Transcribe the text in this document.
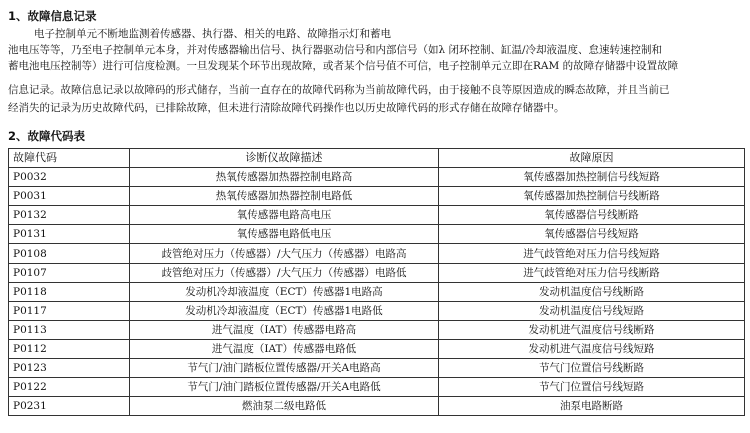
1、故障信息记录
电子控制单元不断地监测着传感器、执行器、相关的电路、故障指示灯和蓄电
池电压等等，乃至电子控制单元本身，并对传感器输出信号、执行器驱动信号和内部信号（如λ 闭环控制、缸温/冷却液温度、怠速转速控制和
蓄电池电压控制等）进行可信度检测。一旦发现某个环节出现故障，或者某个信号值不可信，电子控制单元立即在RAM 的故障存储器中设置故障
信息记录。故障信息记录以故障码的形式储存，当前一直存在的故障代码称为当前故障代码，由于接触不良等原因造成的瞬态故障，并且当前已
经消失的记录为历史故障代码，已排除故障，但未进行清除故障代码操作也以历史故障代码的形式存储在故障存储器中。
2、故障代码表
故障代码	诊断仪故障描述	故障原因
P0032	热氧传感器加热器控制电路高	氧传感器加热控制信号线短路
P0031	热氧传感器加热器控制电路低	氧传感器加热控制信号线断路
P0132	氧传感器电路高电压	氧传感器信号线断路
P0131	氧传感器电路低电压	氧传感器信号线短路
P0108	歧管绝对压力（传感器）/大气压力（传感器）电路高	进气歧管绝对压力信号线短路
P0107	歧管绝对压力（传感器）/大气压力（传感器）电路低	进气歧管绝对压力信号线断路
P0118	发动机冷却液温度（ECT）传感器1电路高	发动机温度信号线断路
P0117	发动机冷却液温度（ECT）传感器1电路低	发动机温度信号线短路
P0113	进气温度（IAT）传感器电路高	发动机进气温度信号线断路
P0112	进气温度（IAT）传感器电路低	发动机进气温度信号线短路
P0123	节气门/油门踏板位置传感器/开关A电路高	节气门位置信号线断路
P0122	节气门/油门踏板位置传感器/开关A电路低	节气门位置信号线短路
P0231	燃油泵二级电路低	油泵电路断路
